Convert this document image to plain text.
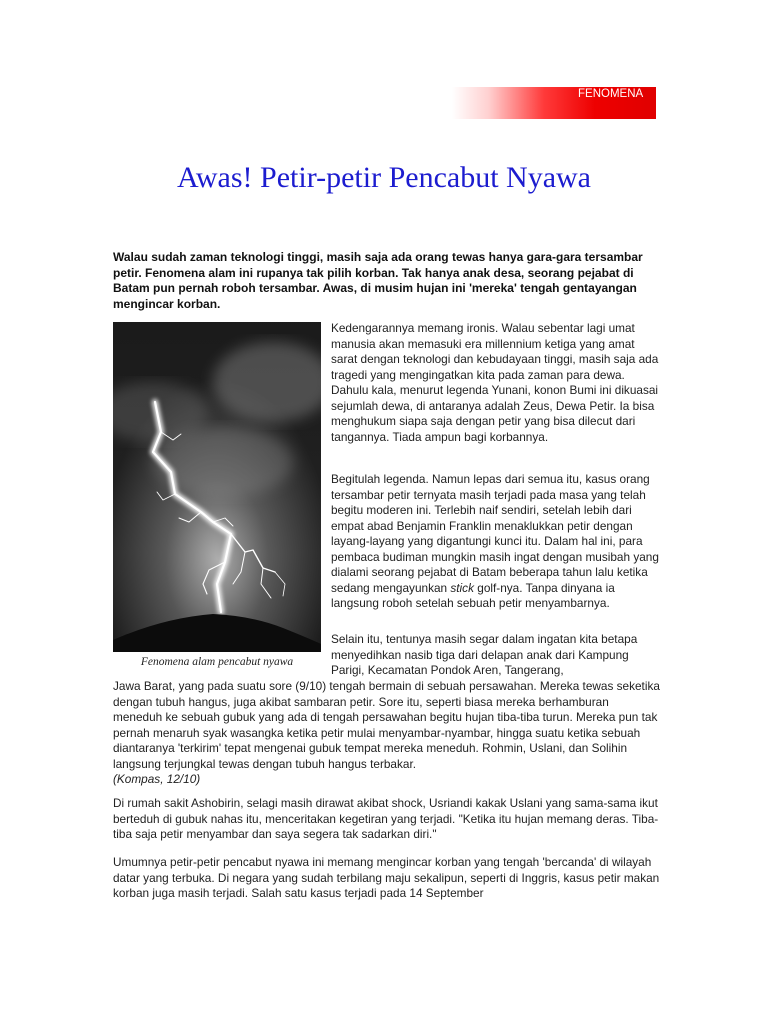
FENOMENA
Awas! Petir-petir Pencabut Nyawa

Walau sudah zaman teknologi tinggi, masih saja ada orang tewas hanya gara-gara tersambar petir. Fenomena alam ini rupanya tak pilih korban. Tak hanya anak desa, seorang pejabat di Batam pun pernah roboh tersambar. Awas, di musim hujan ini 'mereka' tengah gentayangan mengincar korban.

Fenomena alam pencabut nyawa

Kedengarannya memang ironis. Walau sebentar lagi umat manusia akan memasuki era millennium ketiga yang amat sarat dengan teknologi dan kebudayaan tinggi, masih saja ada tragedi yang mengingatkan kita pada zaman para dewa. Dahulu kala, menurut legenda Yunani, konon Bumi ini dikuasai sejumlah dewa, di antaranya adalah Zeus, Dewa Petir. Ia bisa menghukum siapa saja dengan petir yang bisa dilecut dari tangannya. Tiada ampun bagi korbannya.

Begitulah legenda. Namun lepas dari semua itu, kasus orang tersambar petir ternyata masih terjadi pada masa yang telah begitu moderen ini. Terlebih naif sendiri, setelah lebih dari empat abad Benjamin Franklin menaklukkan petir dengan layang-layang yang digantungi kunci itu. Dalam hal ini, para pembaca budiman mungkin masih ingat dengan musibah yang dialami seorang pejabat di Batam beberapa tahun lalu ketika sedang mengayunkan stick golf-nya. Tanpa dinyana ia langsung roboh setelah sebuah petir menyambarnya.

Selain itu, tentunya masih segar dalam ingatan kita betapa menyedihkan nasib tiga dari delapan anak dari Kampung Parigi, Kecamatan Pondok Aren, Tangerang,

Jawa Barat, yang pada suatu sore (9/10) tengah bermain di sebuah persawahan. Mereka tewas seketika dengan tubuh hangus, juga akibat sambaran petir. Sore itu, seperti biasa mereka berhamburan meneduh ke sebuah gubuk yang ada di tengah persawahan begitu hujan tiba-tiba turun. Mereka pun tak pernah menaruh syak wasangka ketika petir mulai menyambar-nyambar, hingga suatu ketika sebuah diantaranya 'terkirim' tepat mengenai gubuk tempat mereka meneduh. Rohmin, Uslani, dan Solihin langsung terjungkal tewas dengan tubuh hangus terbakar.
(Kompas, 12/10)

Di rumah sakit Ashobirin, selagi masih dirawat akibat shock, Usriandi kakak Uslani yang sama-sama ikut berteduh di gubuk nahas itu, menceritakan kegetiran yang terjadi. "Ketika itu hujan memang deras. Tiba-tiba saja petir menyambar dan saya segera tak sadarkan diri."

Umumnya petir-petir pencabut nyawa ini memang mengincar korban yang tengah 'bercanda' di wilayah datar yang terbuka. Di negara yang sudah terbilang maju sekalipun, seperti di Inggris, kasus petir makan korban juga masih terjadi. Salah satu kasus terjadi pada 14 September
